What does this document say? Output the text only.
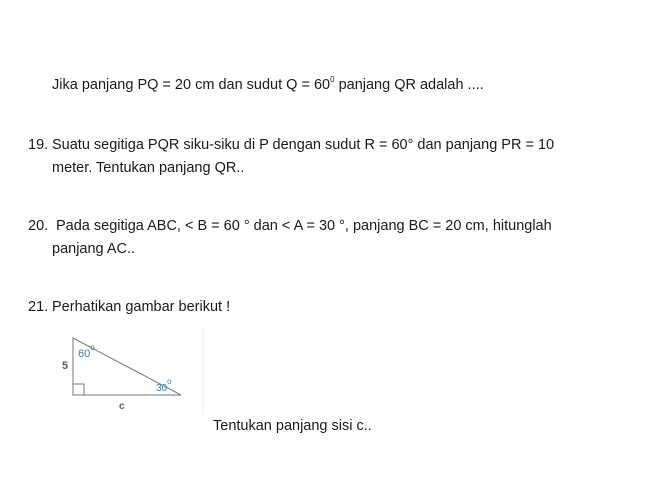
Jika panjang PQ = 20 cm dan sudut $Q = 60^0$ panjang QR adalah ....
19. Suatu segitiga PQR siku-siku di P dengan sudut R = 60° dan panjang PR = 10
meter. Tentukan panjang QR..
20. Pada segitiga ABC, < B = 60 ° dan < A = 30 °, panjang BC = 20 cm, hitunglah
panjang AC..
21. Perhatikan gambar berikut !
5
c
60$^o$
30$^o$
Tentukan panjang sisi c..
